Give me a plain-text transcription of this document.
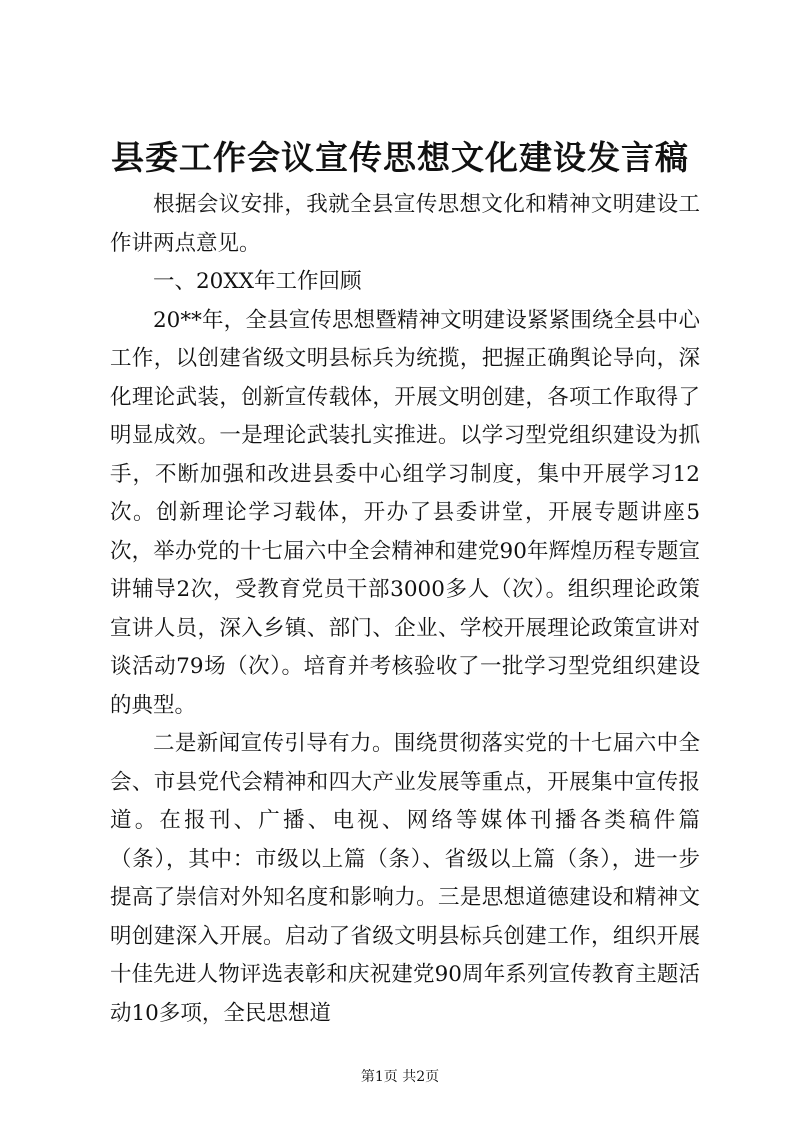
县委工作会议宣传思想文化建设发言稿

根据会议安排，我就全县宣传思想文化和精神文明建设工作讲两点意见。

一、20XX年工作回顾

20**年，全县宣传思想暨精神文明建设紧紧围绕全县中心工作，以创建省级文明县标兵为统揽，把握正确舆论导向，深化理论武装，创新宣传载体，开展文明创建，各项工作取得了明显成效。一是理论武装扎实推进。以学习型党组织建设为抓手，不断加强和改进县委中心组学习制度，集中开展学习12次。创新理论学习载体，开办了县委讲堂，开展专题讲座5次，举办党的十七届六中全会精神和建党90年辉煌历程专题宣讲辅导2次，受教育党员干部3000多人（次）。组织理论政策宣讲人员，深入乡镇、部门、企业、学校开展理论政策宣讲对谈活动79场（次）。培育并考核验收了一批学习型党组织建设的典型。

二是新闻宣传引导有力。围绕贯彻落实党的十七届六中全会、市县党代会精神和四大产业发展等重点，开展集中宣传报道。在报刊、广播、电视、网络等媒体刊播各类稿件篇（条），其中：市级以上篇（条）、省级以上篇（条），进一步提高了崇信对外知名度和影响力。三是思想道德建设和精神文明创建深入开展。启动了省级文明县标兵创建工作，组织开展十佳先进人物评选表彰和庆祝建党90周年系列宣传教育主题活动10多项，全民思想道

第1页 共2页
